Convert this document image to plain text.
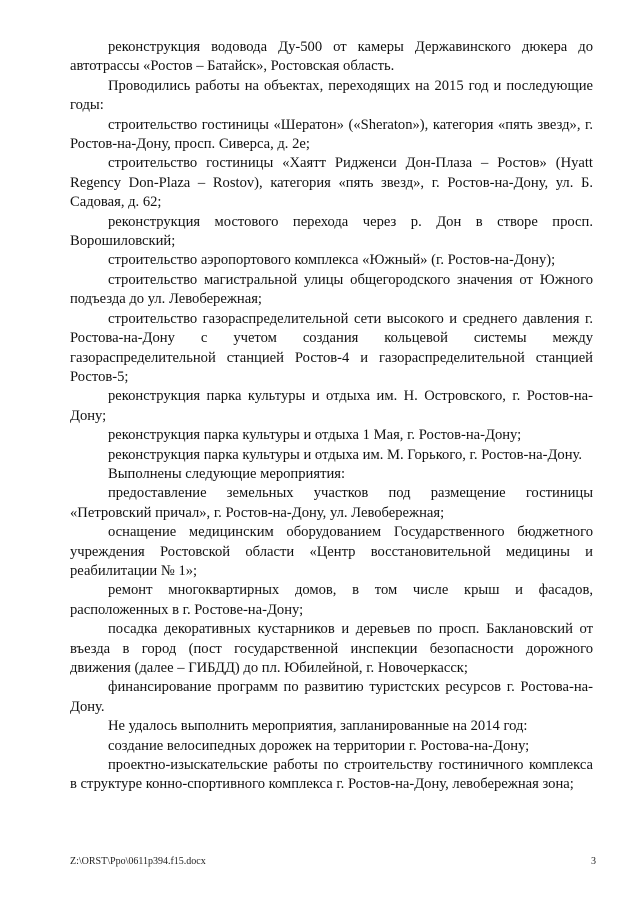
реконструкция водовода Ду-500 от камеры Державинского дюкера до автотрассы «Ростов – Батайск», Ростовская область.

Проводились работы на объектах, переходящих на 2015 год и последующие годы:

строительство гостиницы «Шератон» («Sheraton»), категория «пять звезд», г. Ростов-на-Дону, просп. Сиверса, д. 2е;

строительство гостиницы «Хаятт Ридженси Дон-Плаза – Ростов» (Hyatt Regency Don-Plaza – Rostov), категория «пять звезд», г. Ростов-на-Дону, ул. Б. Садовая, д. 62;

реконструкция мостового перехода через р. Дон в створе просп. Ворошиловский;

строительство аэропортового комплекса «Южный» (г. Ростов-на-Дону);

строительство магистральной улицы общегородского значения от Южного подъезда до ул. Левобережная;

строительство газораспределительной сети высокого и среднего давления г. Ростова-на-Дону с учетом создания кольцевой системы между газораспределительной станцией Ростов-4 и газораспределительной станцией Ростов-5;

реконструкция парка культуры и отдыха им. Н. Островского, г. Ростов-на-Дону;

реконструкция парка культуры и отдыха 1 Мая, г. Ростов-на-Дону;

реконструкция парка культуры и отдыха им. М. Горького, г. Ростов-на-Дону.

Выполнены следующие мероприятия:

предоставление земельных участков под размещение гостиницы «Петровский причал», г. Ростов-на-Дону, ул. Левобережная;

оснащение медицинским оборудованием Государственного бюджетного учреждения Ростовской области «Центр восстановительной медицины и реабилитации № 1»;

ремонт многоквартирных домов, в том числе крыш и фасадов, расположенных в г. Ростове-на-Дону;

посадка декоративных кустарников и деревьев по просп. Баклановский от въезда в город (пост государственной инспекции безопасности дорожного движения (далее – ГИБДД) до пл. Юбилейной, г. Новочеркасск;

финансирование программ по развитию туристских ресурсов г. Ростова-на-Дону.

Не удалось выполнить мероприятия, запланированные на 2014 год:

создание велосипедных дорожек на территории г. Ростова-на-Дону;

проектно-изыскательские работы по строительству гостиничного комплекса в структуре конно-спортивного комплекса г. Ростов-на-Дону, левобережная зона;

Z:\ORST\Ppo\0611p394.f15.docx	3
